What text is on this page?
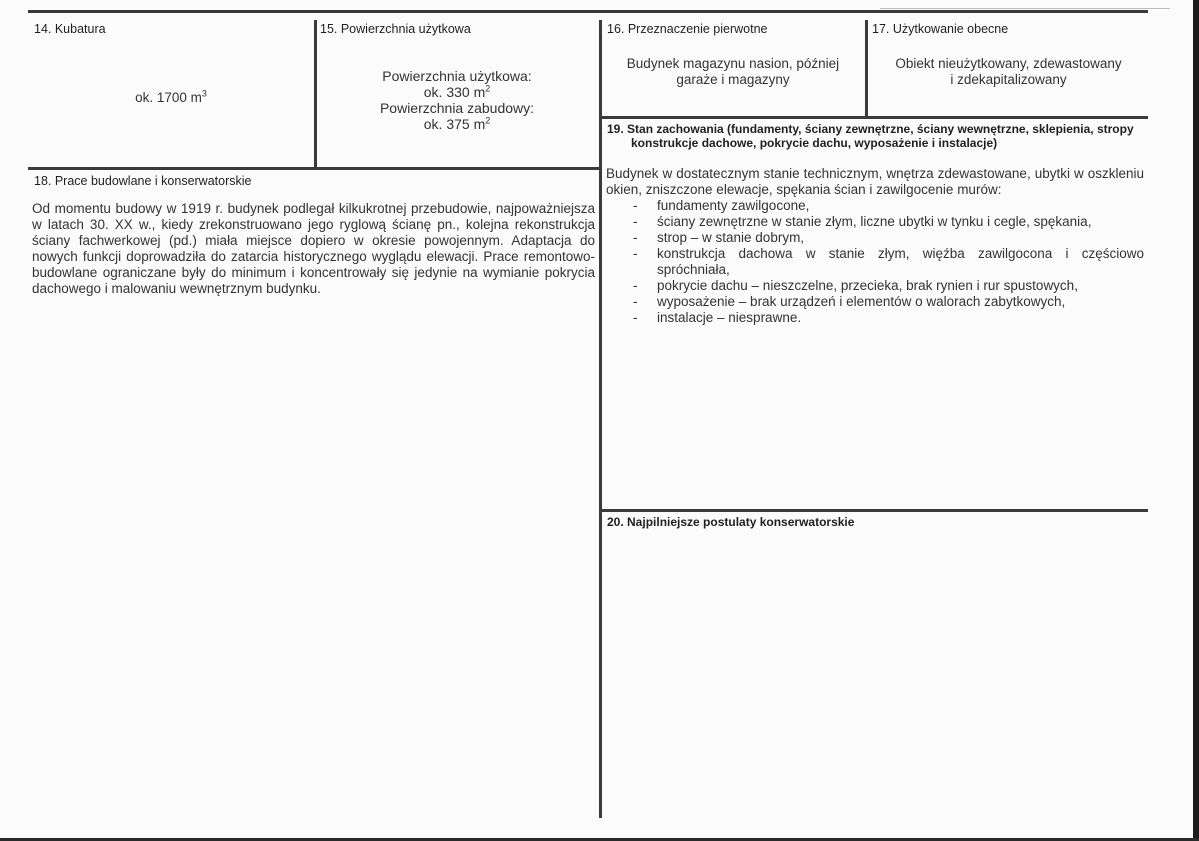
14. Kubatura
ok. 1700 $m^3$
15. Powierzchnia użytkowa
Powierzchnia użytkowa:
ok. 330 $m^2$
Powierzchnia zabudowy:
ok. 375 $m^2$
16. Przeznaczenie pierwotne
Budynek magazynu nasion, później
garaże i magazyny
17. Użytkowanie obecne
Obiekt nieużytkowany, zdewastowany
i zdekapitalizowany
18. Prace budowlane i konserwatorskie
Od momentu budowy w 1919 r. budynek podlegał kilkukrotnej przebudowie, najpoważniejsza w latach 30. XX w., kiedy zrekonstruowano jego ryglową ścianę pn., kolejna rekonstrukcja ściany fachwerkowej (pd.) miała miejsce dopiero w okresie powojennym. Adaptacja do nowych funkcji doprowadziła do zatarcia historycznego wyglądu elewacji. Prace remontowo-budowlane ograniczane były do minimum i koncentrowały się jedynie na wymianie pokrycia dachowego i malowaniu wewnętrznym budynku.
19. Stan zachowania (fundamenty, ściany zewnętrzne, ściany wewnętrzne, sklepienia, stropy
konstrukcje dachowe, pokrycie dachu, wyposażenie i instalacje)
Budynek w dostatecznym stanie technicznym, wnętrza zdewastowane, ubytki w oszkleniu okien, zniszczone elewacje, spękania ścian i zawilgocenie murów:
- fundamenty zawilgocone,
- ściany zewnętrzne w stanie złym, liczne ubytki w tynku i cegle, spękania,
- strop – w stanie dobrym,
- konstrukcja dachowa w stanie złym, więźba zawilgocona i częściowo spróchniała,
- pokrycie dachu – nieszczelne, przecieka, brak rynien i rur spustowych,
- wyposażenie – brak urządzeń i elementów o walorach zabytkowych,
- instalacje – niesprawne.
20. Najpilniejsze postulaty konserwatorskie
